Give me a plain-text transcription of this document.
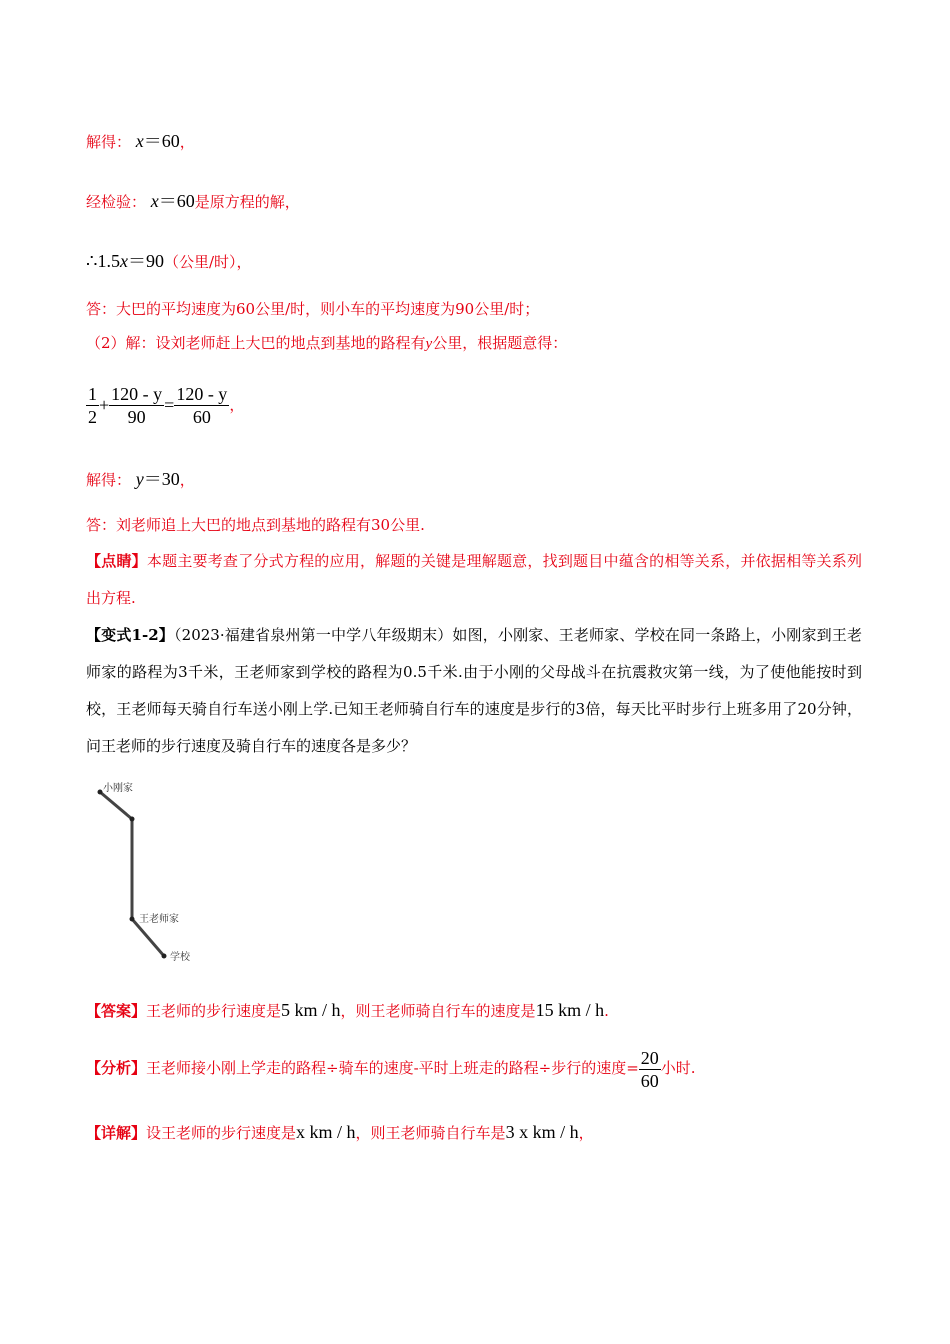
解得： x＝60，
经检验： x＝60是原方程的解，
∴1.5x＝90（公里/时），
答：大巴的平均速度为60公里/时，则小车的平均速度为90公里/时；
（2）解：设刘老师赶上大巴的地点到基地的路程有y公里，根据题意得：
$\frac{1}{2} + \frac{120 - y}{90} = \frac{120 - y}{60}$ ，
解得： y＝30，
答：刘老师追上大巴的地点到基地的路程有30公里.
【点睛】本题主要考查了分式方程的应用，解题的关键是理解题意，找到题目中蕴含的相等关系，并依据相等关系列出方程.
【变式1-2】（2023·福建省泉州第一中学八年级期末）如图，小刚家、王老师家、学校在同一条路上，小刚家到王老师家的路程为3千米，王老师家到学校的路程为0.5千米.由于小刚的父母战斗在抗震救灾第一线，为了使他能按时到校，王老师每天骑自行车送小刚上学.已知王老师骑自行车的速度是步行的3倍，每天比平时步行上班多用了20分钟，问王老师的步行速度及骑自行车的速度各是多少？
小刚家
王老师家
学校
【答案】王老师的步行速度是5 km / h，则王老师骑自行车的速度是15 km / h.
【分析】王老师接小刚上学走的路程÷骑车的速度-平时上班走的路程÷步行的速度= $\frac{20}{60}$ 小时.
【详解】设王老师的步行速度是x km / h，则王老师骑自行车是3 x km / h，
